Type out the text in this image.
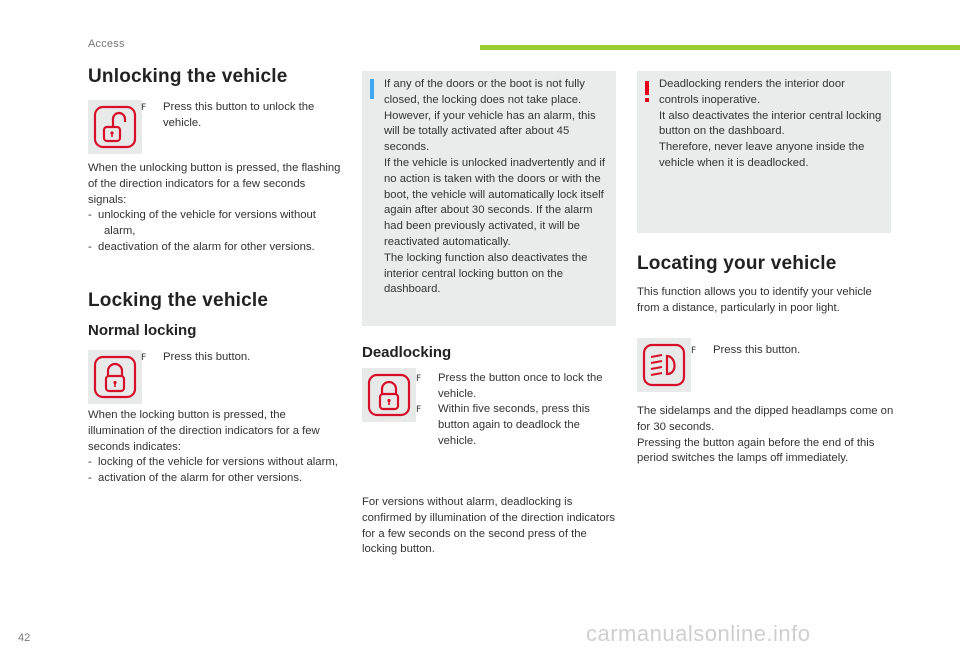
Access
Unlocking the vehicle
F	Press this button to unlock the vehicle.

When the unlocking button is pressed, the flashing of the direction indicators for a few seconds signals:

-  unlocking of the vehicle for versions without alarm,

-  deactivation of the alarm for other versions.

Locking the vehicle
Normal locking
F	Press this button.

When the locking button is pressed, the illumination of the direction indicators for a few seconds indicates:

-  locking of the vehicle for versions without alarm,

-  activation of the alarm for other versions.

If any of the doors or the boot is not fully closed, the locking does not take place. However, if your vehicle has an alarm, this will be totally activated after about 45 seconds.

If the vehicle is unlocked inadvertently and if no action is taken with the doors or with the boot, the vehicle will automatically lock itself again after about 30 seconds. If the alarm had been previously activated, it will be reactivated automatically.

The locking function also deactivates the interior central locking button on the dashboard.

Deadlocking
F	Press the button once to lock the vehicle.
F	Within five seconds, press this button again to deadlock the vehicle.

For versions without alarm, deadlocking is confirmed by illumination of the direction indicators for a few seconds on the second press of the locking button.

Deadlocking renders the interior door controls inoperative.

It also deactivates the interior central locking button on the dashboard.

Therefore, never leave anyone inside the vehicle when it is deadlocked.

Locating your vehicle

This function allows you to identify your vehicle from a distance, particularly in poor light.

F	Press this button.

The sidelamps and the dipped headlamps come on for 30 seconds.

Pressing the button again before the end of this period switches the lamps off immediately.

42	carmanualsonline.info
